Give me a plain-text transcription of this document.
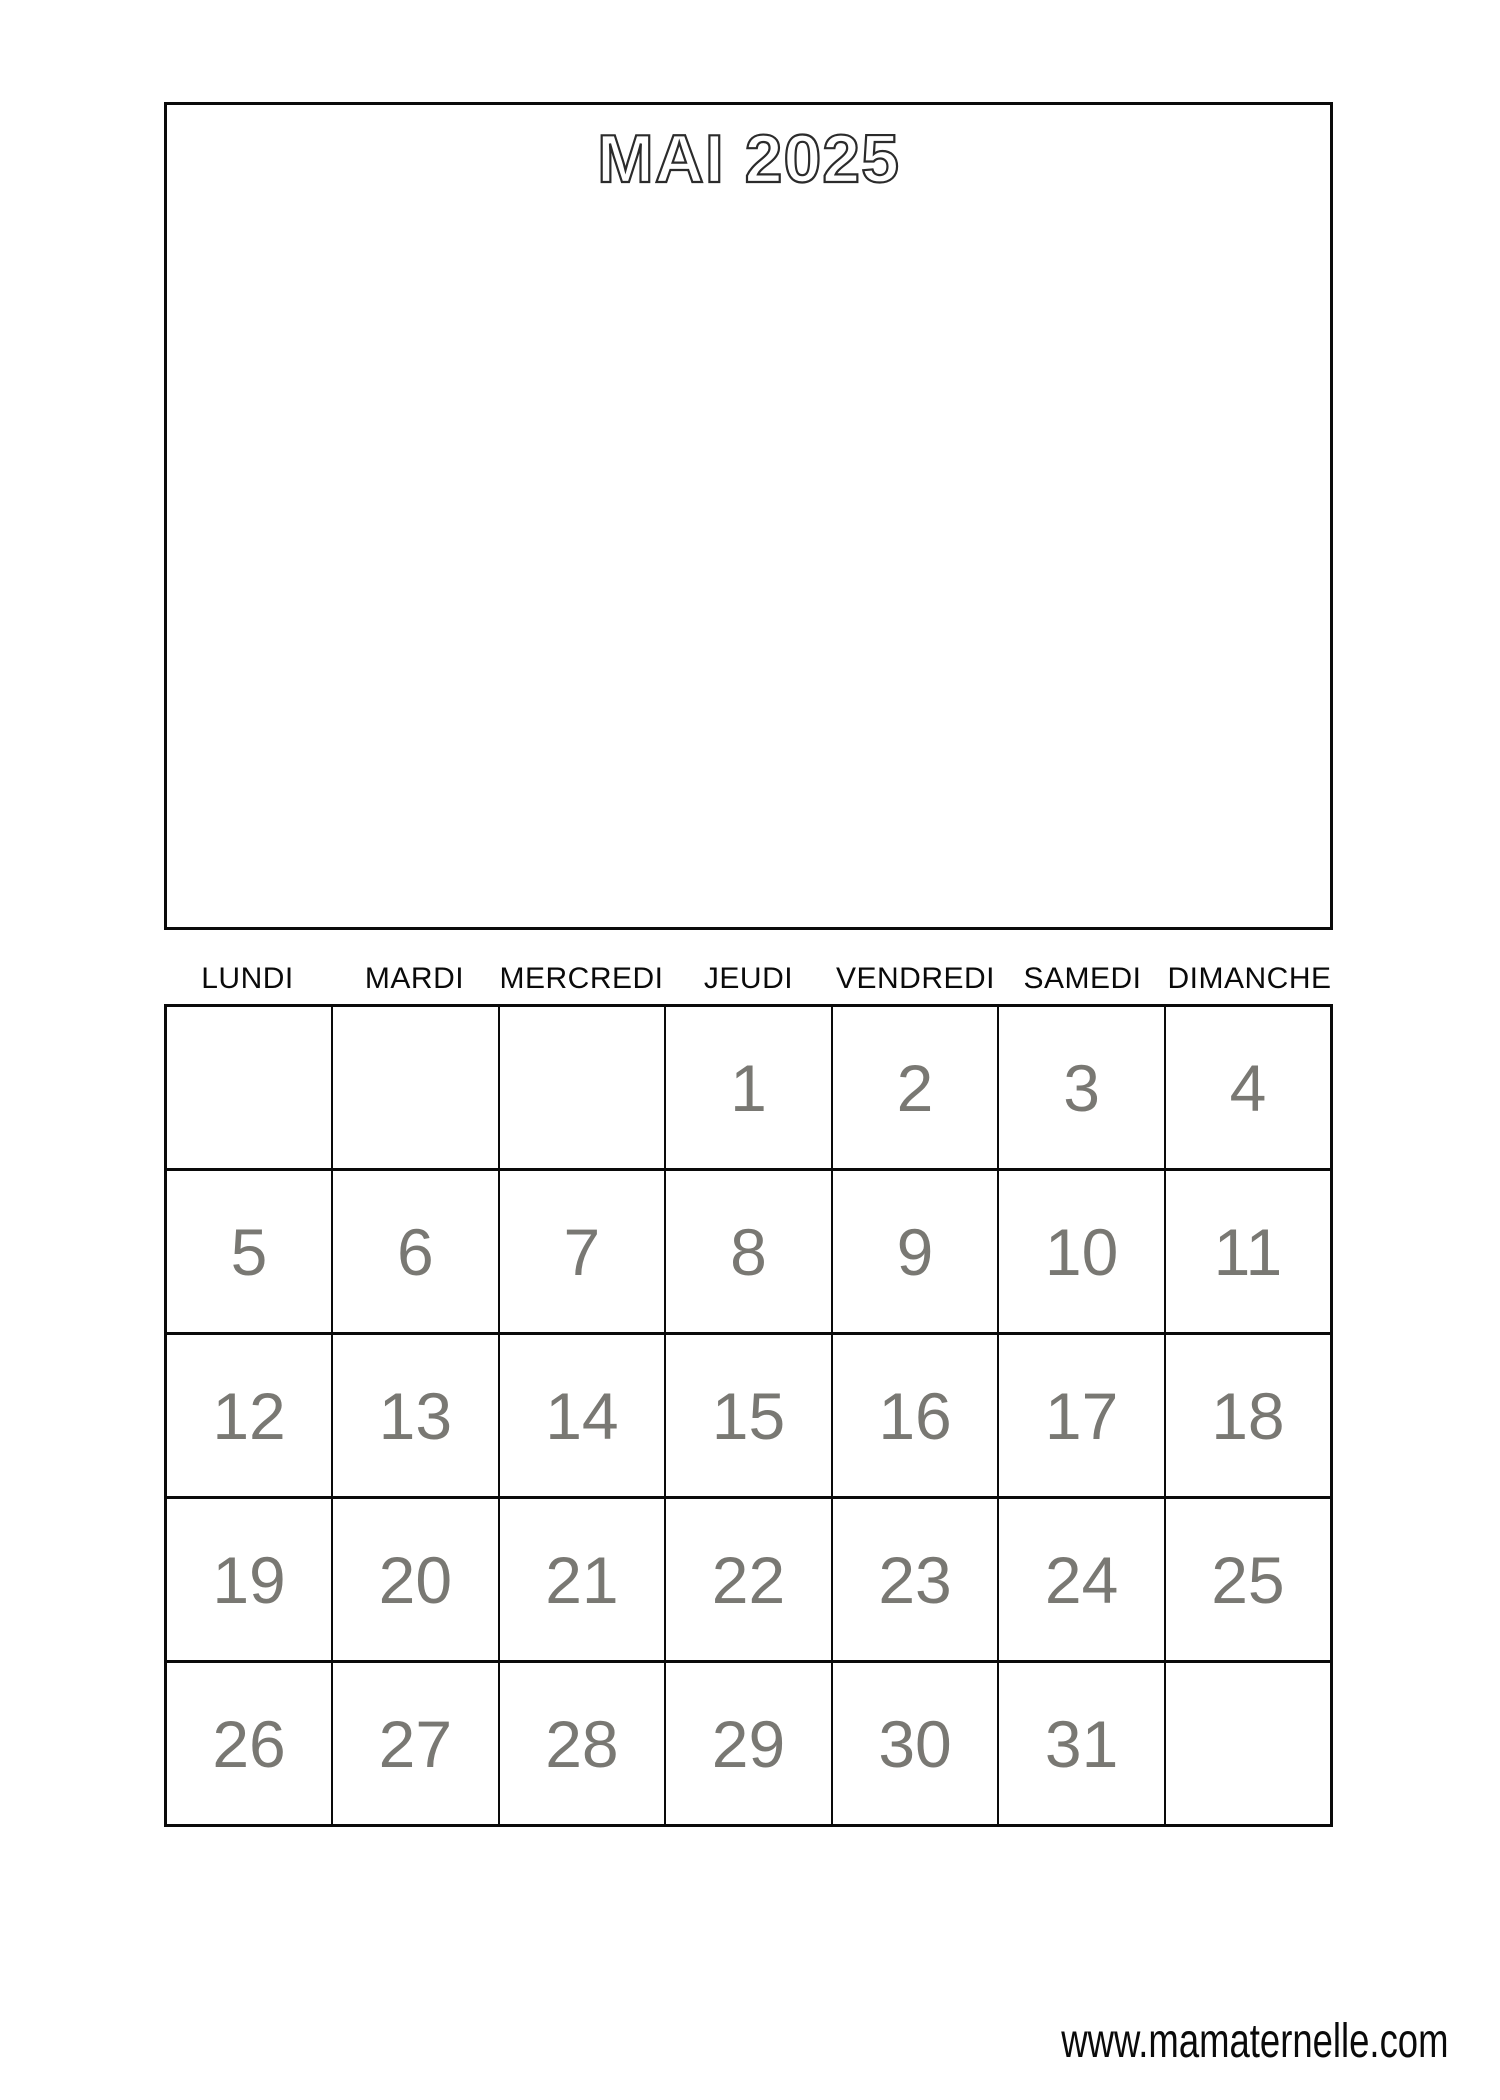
MAI 2025
LUNDI	MARDI	MERCREDI	JEUDI	VENDREDI SAMEDI DIMANCHE
			1	2	3	4
5	6	7	8	9	10	11
12	13	14	15	16	17	18
19	20	21	22	23	24	25
26	27	28	29	30	31	
www.mamaternelle.com
